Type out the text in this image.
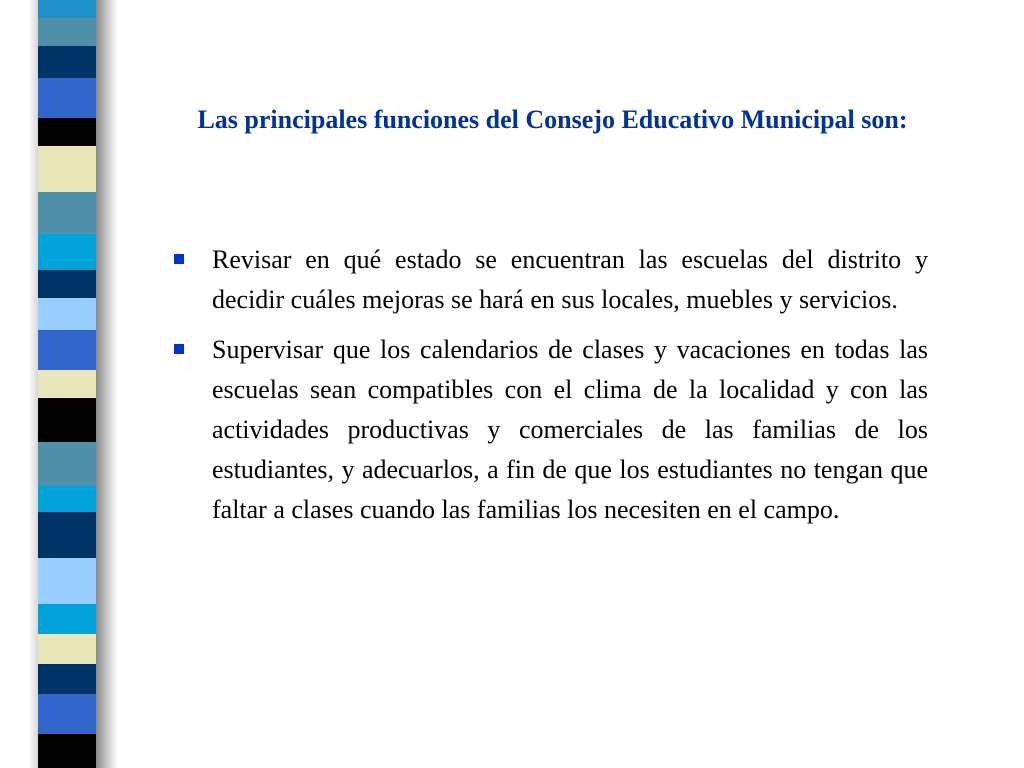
Las principales funciones del Consejo Educativo Municipal son:
Revisar en qué estado se encuentran las escuelas del distrito y decidir cuáles mejoras se hará en sus locales, muebles y servicios.
Supervisar que los calendarios de clases y vacaciones en todas las escuelas sean compatibles con el clima de la localidad y con las actividades productivas y comerciales de las familias de los estudiantes, y adecuarlos, a fin de que los estudiantes no tengan que faltar a clases cuando las familias los necesiten en el campo.
